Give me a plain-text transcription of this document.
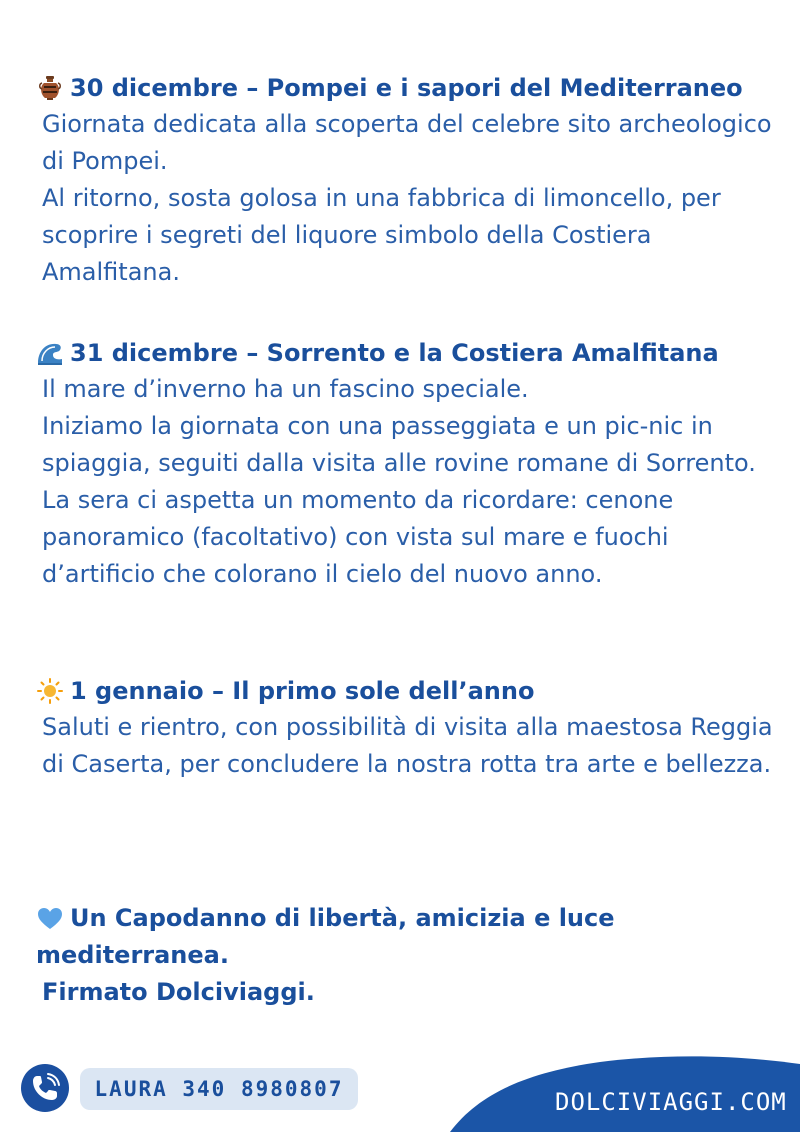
30 dicembre – Pompei e i sapori del Mediterraneo

Giornata dedicata alla scoperta del celebre sito archeologico di Pompei.

Al ritorno, sosta golosa in una fabbrica di limoncello, per scoprire i segreti del liquore simbolo della Costiera Amalfitana.

31 dicembre – Sorrento e la Costiera Amalfitana

Il mare d’inverno ha un fascino speciale.

Iniziamo la giornata con una passeggiata e un pic-nic in spiaggia, seguiti dalla visita alle rovine romane di Sorrento.

La sera ci aspetta un momento da ricordare: cenone panoramico (facoltativo) con vista sul mare e fuochi d’artificio che colorano il cielo del nuovo anno.

1 gennaio – Il primo sole dell’anno

Saluti e rientro, con possibilità di visita alla maestosa Reggia di Caserta, per concludere la nostra rotta tra arte e bellezza.

Un Capodanno di libertà, amicizia e luce

mediterranea.

Firmato Dolciviaggi.

LAURA 340 8980807	DOLCIVIAGGI.COM
